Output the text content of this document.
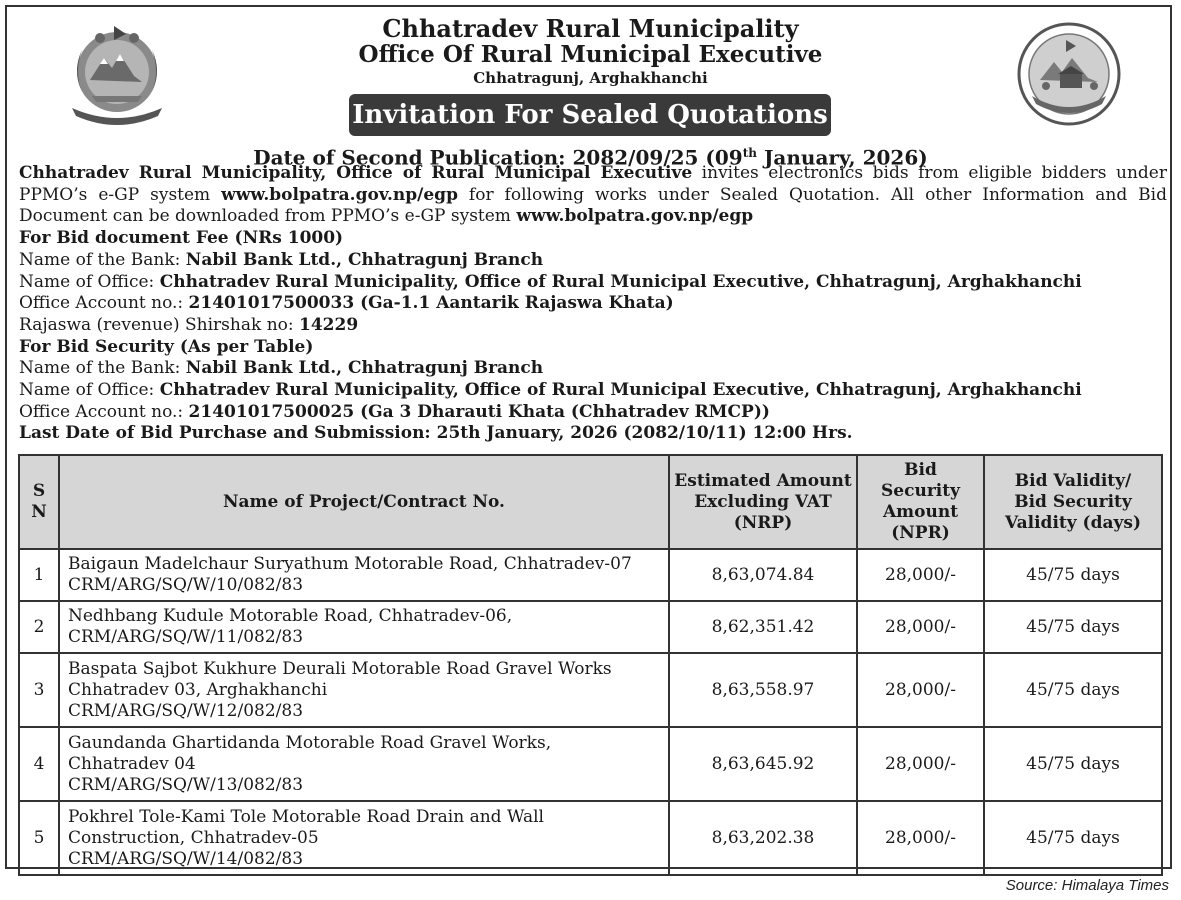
Chhatradev Rural Municipality
Office Of Rural Municipal Executive
Chhatragunj, Arghakhanchi
Invitation For Sealed Quotations
Date of Second Publication: 2082/09/25 (09th January, 2026)

Chhatradev Rural Municipality, Office of Rural Municipal Executive invites electronics bids from eligible bidders under PPMO’s e-GP system www.bolpatra.gov.np/egp for following works under Sealed Quotation. All other Information and Bid Document can be downloaded from PPMO’s e-GP system www.bolpatra.gov.np/egp

For Bid document Fee (NRs 1000)

Name of the Bank: Nabil Bank Ltd., Chhatragunj Branch

Name of Office: Chhatradev Rural Municipality, Office of Rural Municipal Executive, Chhatragunj, Arghakhanchi

Office Account no.: 21401017500033 (Ga-1.1 Aantarik Rajaswa Khata)

Rajaswa (revenue) Shirshak no: 14229

For Bid Security (As per Table)

Name of the Bank: Nabil Bank Ltd., Chhatragunj Branch

Name of Office: Chhatradev Rural Municipality, Office of Rural Municipal Executive, Chhatragunj, Arghakhanchi

Office Account no.: 21401017500025 (Ga 3 Dharauti Khata (Chhatradev RMCP))

Last Date of Bid Purchase and Submission: 25th January, 2026 (2082/10/11) 12:00 Hrs.

S
N	Name of Project/Contract No.	Estimated Amount
Excluding VAT
(NRP)	Bid Security
Amount
(NPR)	Bid Validity/
Bid Security
Validity (days)
1	Baigaun Madelchaur Suryathum Motorable Road, Chhatradev-07
CRM/ARG/SQ/W/10/082/83	8,63,074.84	28,000/-	45/75 days
2	Nedhbang Kudule Motorable Road, Chhatradev-06,
CRM/ARG/SQ/W/11/082/83	8,62,351.42	28,000/-	45/75 days
3	Baspata Sajbot Kukhure Deurali Motorable Road Gravel Works
Chhatradev 03, Arghakhanchi
CRM/ARG/SQ/W/12/082/83	8,63,558.97	28,000/-	45/75 days
4	Gaundanda Ghartidanda Motorable Road Gravel Works,
Chhatradev 04
CRM/ARG/SQ/W/13/082/83	8,63,645.92	28,000/-	45/75 days
5	Pokhrel Tole-Kami Tole Motorable Road Drain and Wall
Construction, Chhatradev-05
CRM/ARG/SQ/W/14/082/83	8,63,202.38	28,000/-	45/75 days
Source: Himalaya Times
